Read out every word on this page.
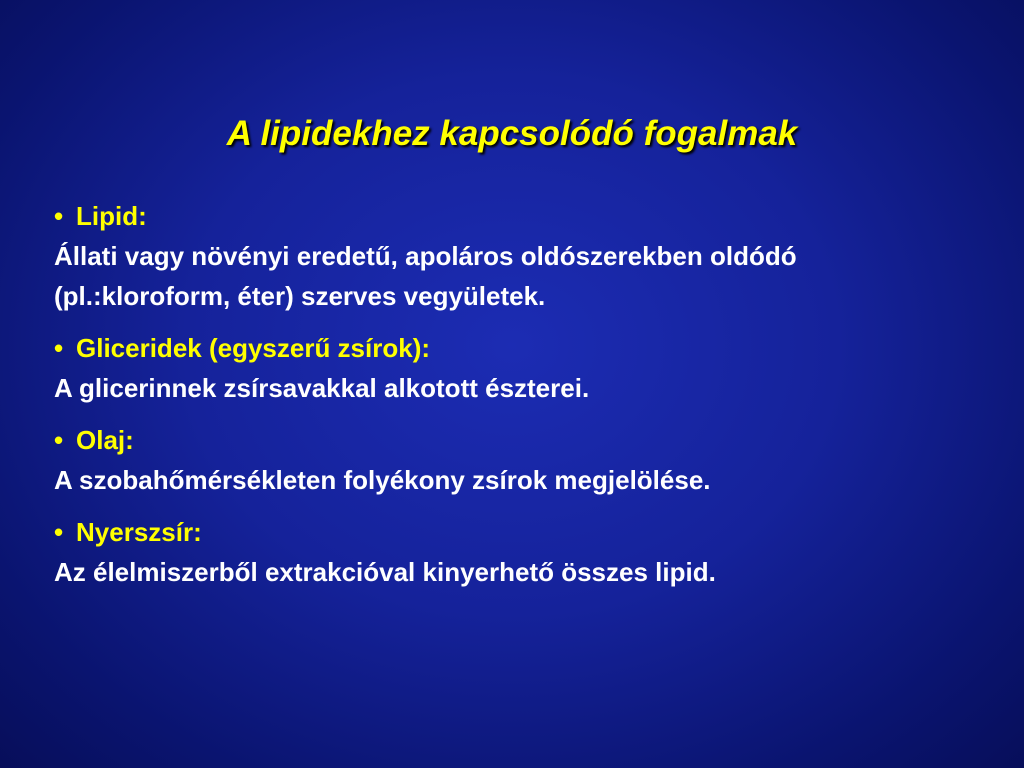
A lipidekhez kapcsolódó fogalmak
• Lipid:

Állati vagy növényi eredetű, apoláros oldószerekben oldódó (pl.:kloroform, éter) szerves vegyületek.

• Gliceridek (egyszerű zsírok):

A glicerinnek zsírsavakkal alkotott észterei.

• Olaj:

A szobahőmérsékleten folyékony zsírok megjelölése.

• Nyerszsír:

Az élelmiszerből extrakcióval kinyerhető összes lipid.
